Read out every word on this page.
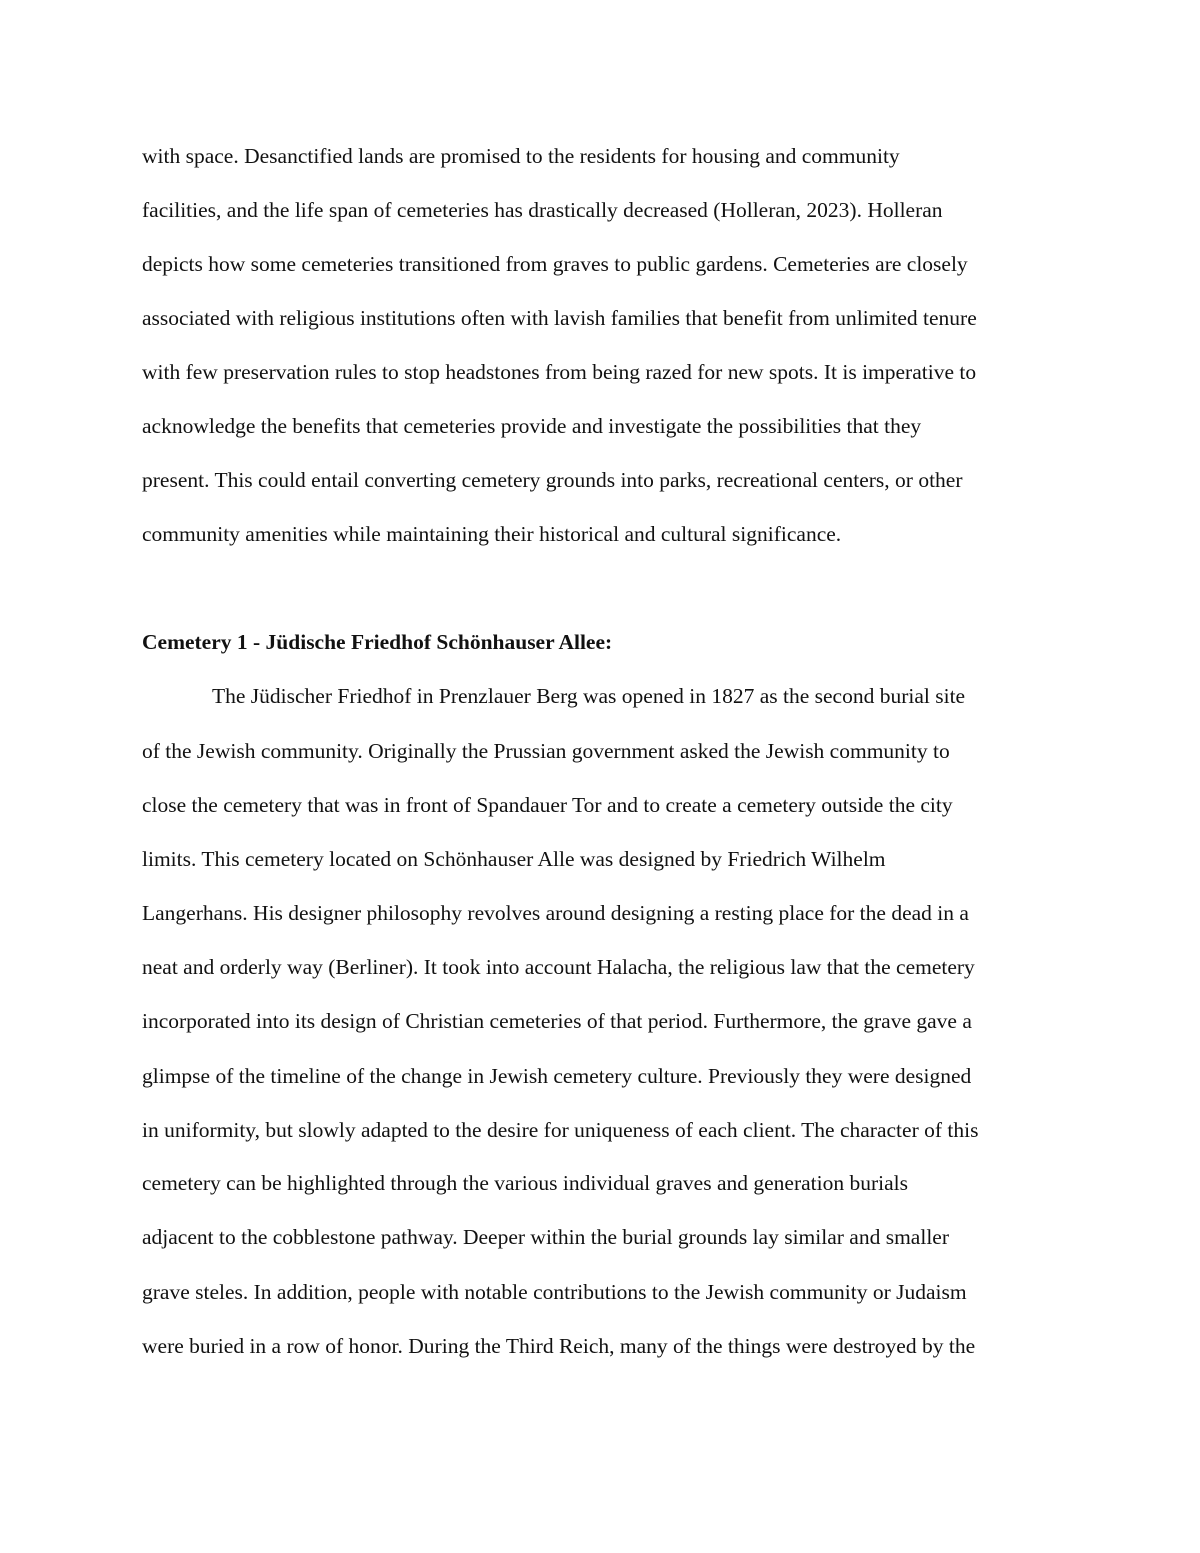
with space. Desanctified lands are promised to the residents for housing and community
facilities, and the life span of cemeteries has drastically decreased (Holleran, 2023). Holleran
depicts how some cemeteries transitioned from graves to public gardens. Cemeteries are closely
associated with religious institutions often with lavish families that benefit from unlimited tenure
with few preservation rules to stop headstones from being razed for new spots. It is imperative to
acknowledge the benefits that cemeteries provide and investigate the possibilities that they
present. This could entail converting cemetery grounds into parks, recreational centers, or other
community amenities while maintaining their historical and cultural significance.
Cemetery 1 - Jüdische Friedhof Schönhauser Allee:
The Jüdischer Friedhof in Prenzlauer Berg was opened in 1827 as the second burial site
of the Jewish community. Originally the Prussian government asked the Jewish community to
close the cemetery that was in front of Spandauer Tor and to create a cemetery outside the city
limits. This cemetery located on Schönhauser Alle was designed by Friedrich Wilhelm
Langerhans. His designer philosophy revolves around designing a resting place for the dead in a
neat and orderly way (Berliner). It took into account Halacha, the religious law that the cemetery
incorporated into its design of Christian cemeteries of that period. Furthermore, the grave gave a
glimpse of the timeline of the change in Jewish cemetery culture. Previously they were designed
in uniformity, but slowly adapted to the desire for uniqueness of each client. The character of this
cemetery can be highlighted through the various individual graves and generation burials
adjacent to the cobblestone pathway. Deeper within the burial grounds lay similar and smaller
grave steles. In addition, people with notable contributions to the Jewish community or Judaism
were buried in a row of honor. During the Third Reich, many of the things were destroyed by the
